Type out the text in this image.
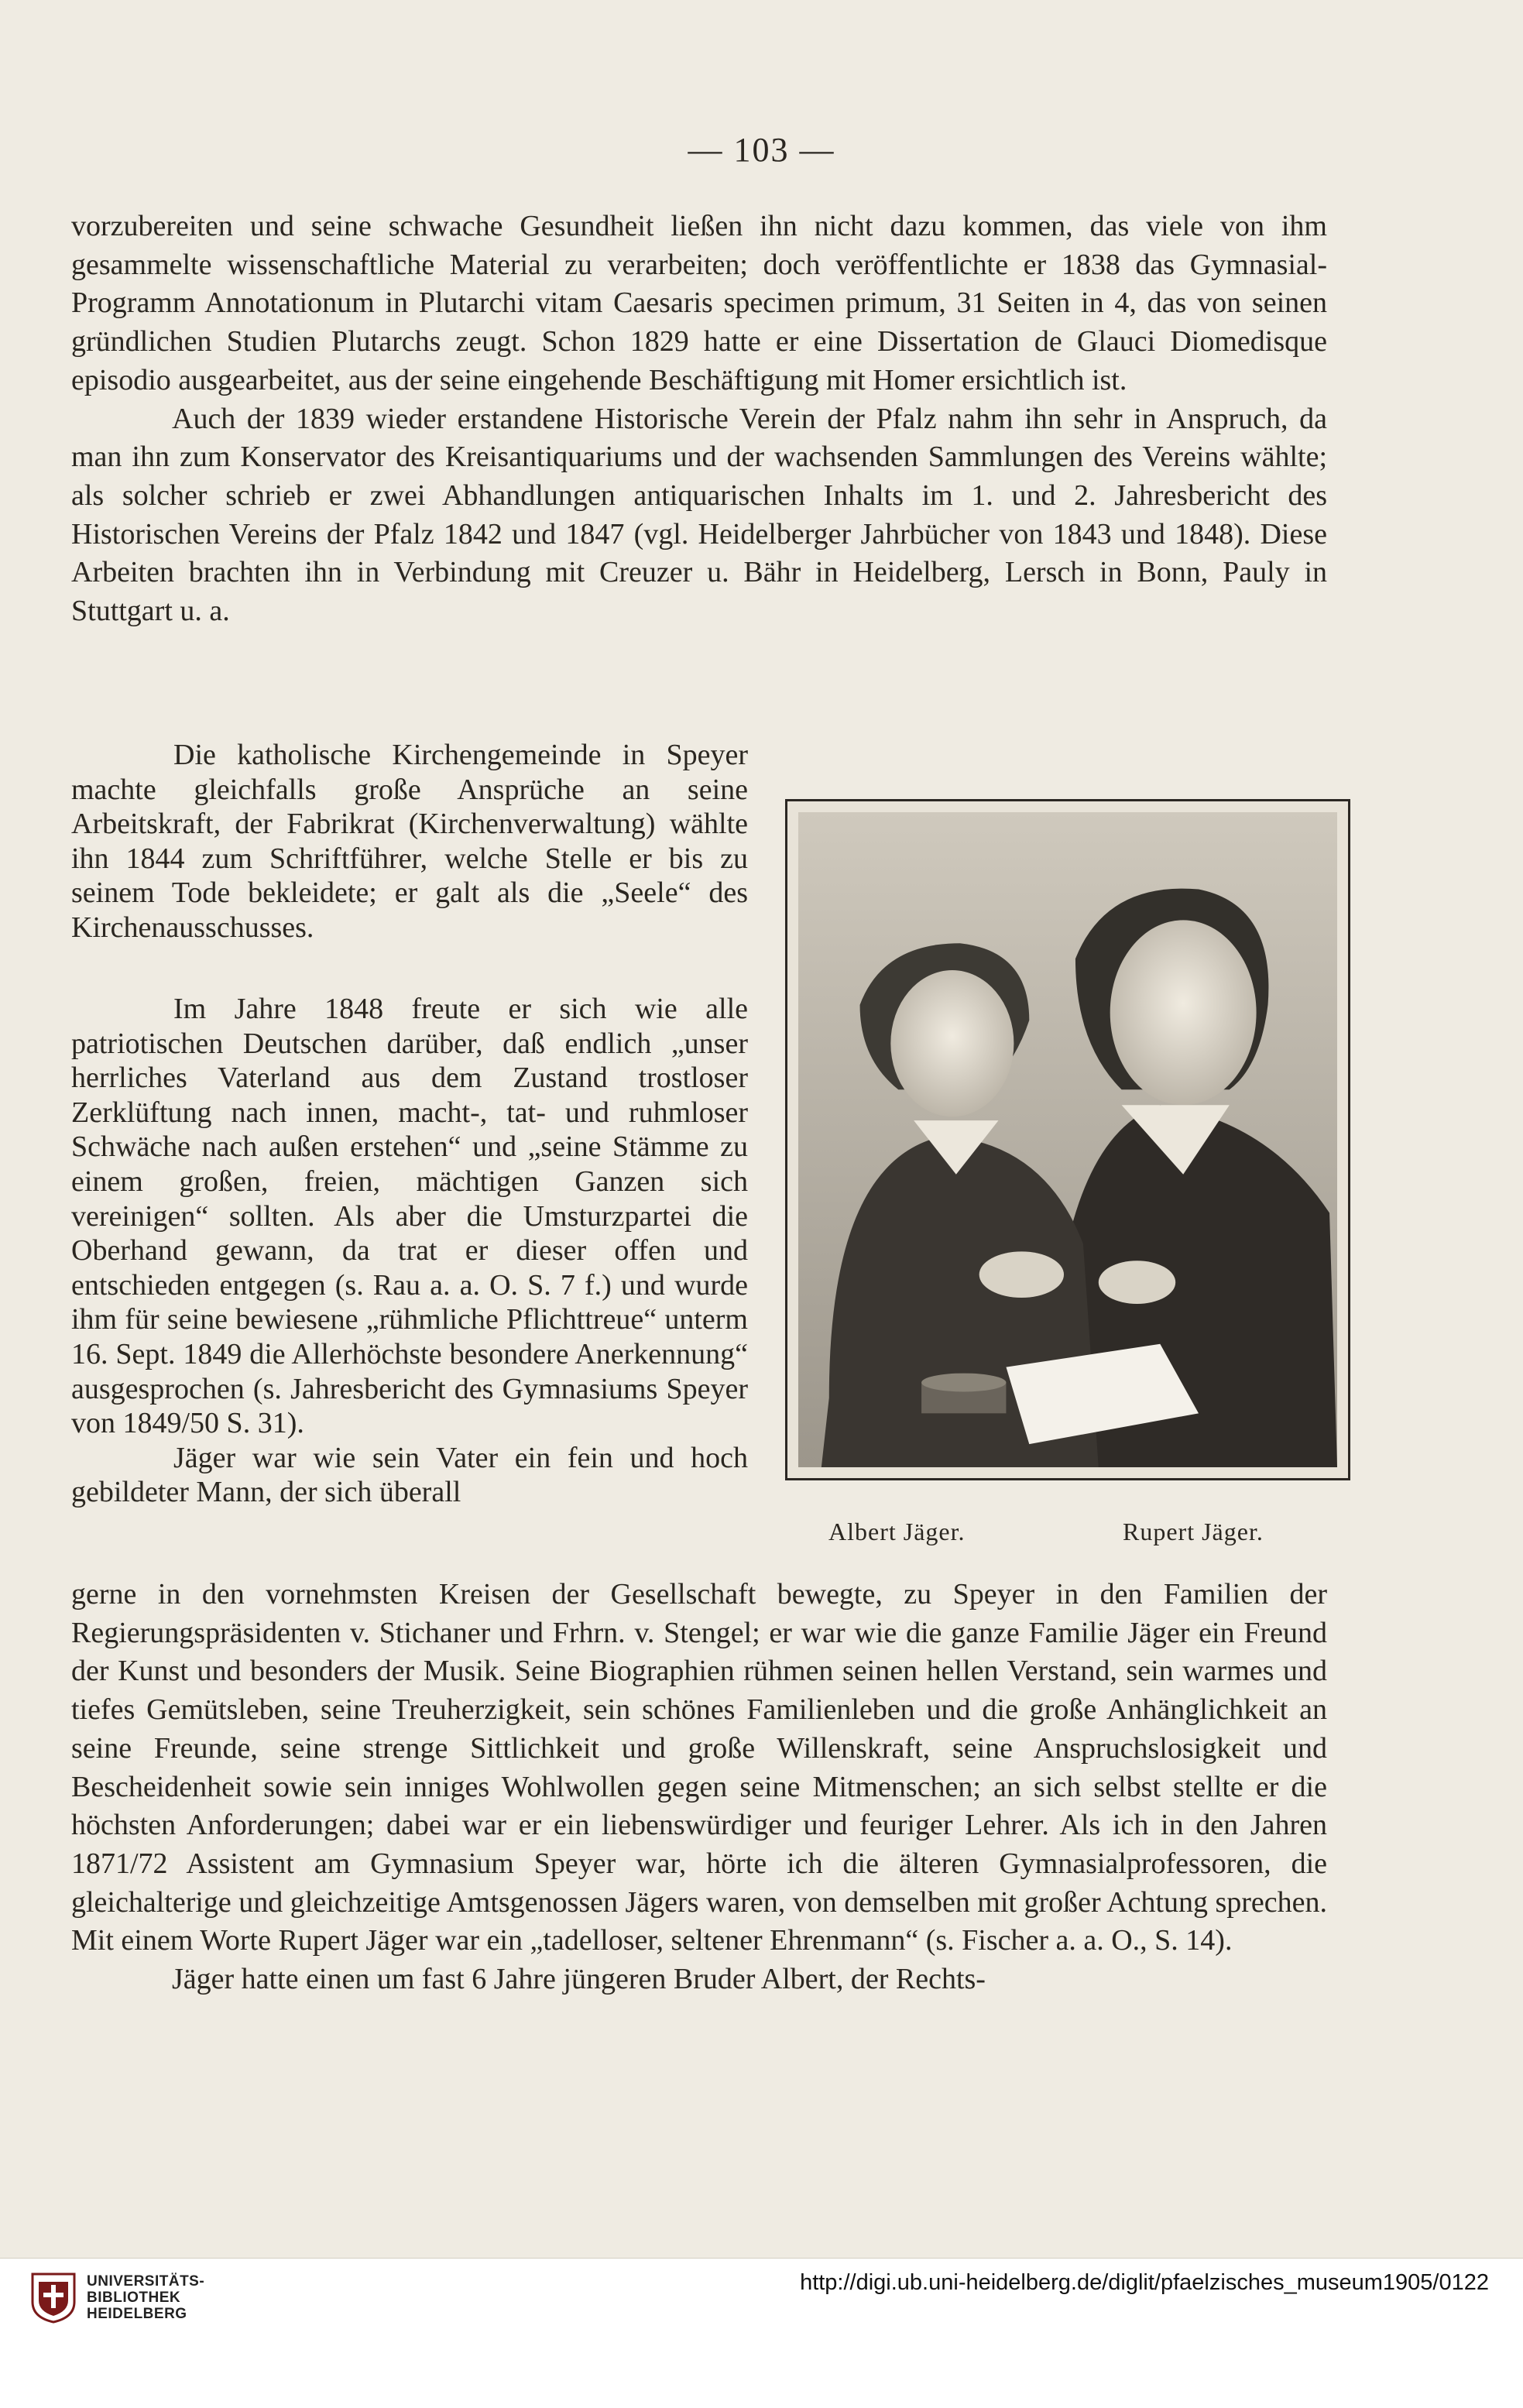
— 103 —

vorzubereiten und seine schwache Gesundheit ließen ihn nicht dazu kommen, das viele von ihm gesammelte wissenschaftliche Material zu verarbeiten; doch veröffentlichte er 1838 das Gymnasial-Programm Annotationum in Plutarchi vitam Caesaris specimen primum, 31 Seiten in 4, das von seinen gründlichen Studien Plutarchs zeugt. Schon 1829 hatte er eine Dissertation de Glauci Diomedisque episodio ausgearbeitet, aus der seine eingehende Beschäftigung mit Homer ersichtlich ist.

Auch der 1839 wieder erstandene Historische Verein der Pfalz nahm ihn sehr in Anspruch, da man ihn zum Konservator des Kreisantiquariums und der wachsenden Sammlungen des Vereins wählte; als solcher schrieb er zwei Abhandlungen antiquarischen Inhalts im 1. und 2. Jahresbericht des Historischen Vereins der Pfalz 1842 und 1847 (vgl. Heidelberger Jahrbücher von 1843 und 1848). Diese Arbeiten brachten ihn in Verbindung mit Creuzer u. Bähr in Heidelberg, Lersch in Bonn, Pauly in Stuttgart u. a.

Die katholische Kirchengemeinde in Speyer machte gleichfalls große Ansprüche an seine Arbeitskraft, der Fabrikrat (Kirchenverwaltung) wählte ihn 1844 zum Schriftführer, welche Stelle er bis zu seinem Tode bekleidete; er galt als die „Seele“ des Kirchenausschusses.

Im Jahre 1848 freute er sich wie alle patriotischen Deutschen darüber, daß endlich „unser herrliches Vaterland aus dem Zustand trostloser Zerklüftung nach innen, macht-, tat- und ruhmloser Schwäche nach außen erstehen“ und „seine Stämme zu einem großen, freien, mächtigen Ganzen sich vereinigen“ sollten. Als aber die Umsturzpartei die Oberhand gewann, da trat er dieser offen und entschieden entgegen (s. Rau a. a. O. S. 7 f.) und wurde ihm für seine bewiesene „rühmliche Pflichttreue“ unterm 16. Sept. 1849 die Allerhöchste besondere Anerkennung“ ausgesprochen (s. Jahresbericht des Gymnasiums Speyer von 1849/50 S. 31).

Jäger war wie sein Vater ein fein und hoch gebildeter Mann, der sich überall

Albert Jäger.	Rupert Jäger.

gerne in den vornehmsten Kreisen der Gesellschaft bewegte, zu Speyer in den Familien der Regierungspräsidenten v. Stichaner und Frhrn. v. Stengel; er war wie die ganze Familie Jäger ein Freund der Kunst und besonders der Musik. Seine Biographien rühmen seinen hellen Verstand, sein warmes und tiefes Gemütsleben, seine Treuherzigkeit, sein schönes Familienleben und die große Anhänglichkeit an seine Freunde, seine strenge Sittlichkeit und große Willenskraft, seine Anspruchslosigkeit und Bescheidenheit sowie sein inniges Wohlwollen gegen seine Mitmenschen; an sich selbst stellte er die höchsten Anforderungen; dabei war er ein liebenswürdiger und feuriger Lehrer. Als ich in den Jahren 1871/72 Assistent am Gymnasium Speyer war, hörte ich die älteren Gymnasialprofessoren, die gleichalterige und gleichzeitige Amtsgenossen Jägers waren, von demselben mit großer Achtung sprechen. Mit einem Worte Rupert Jäger war ein „tadelloser, seltener Ehrenmann“ (s. Fischer a. a. O., S. 14).

Jäger hatte einen um fast 6 Jahre jüngeren Bruder Albert, der Rechts-

UNIVERSITÄTS-
BIBLIOTHEK
HEIDELBERG
http://digi.ub.uni-heidelberg.de/diglit/pfaelzisches_museum1905/0122
